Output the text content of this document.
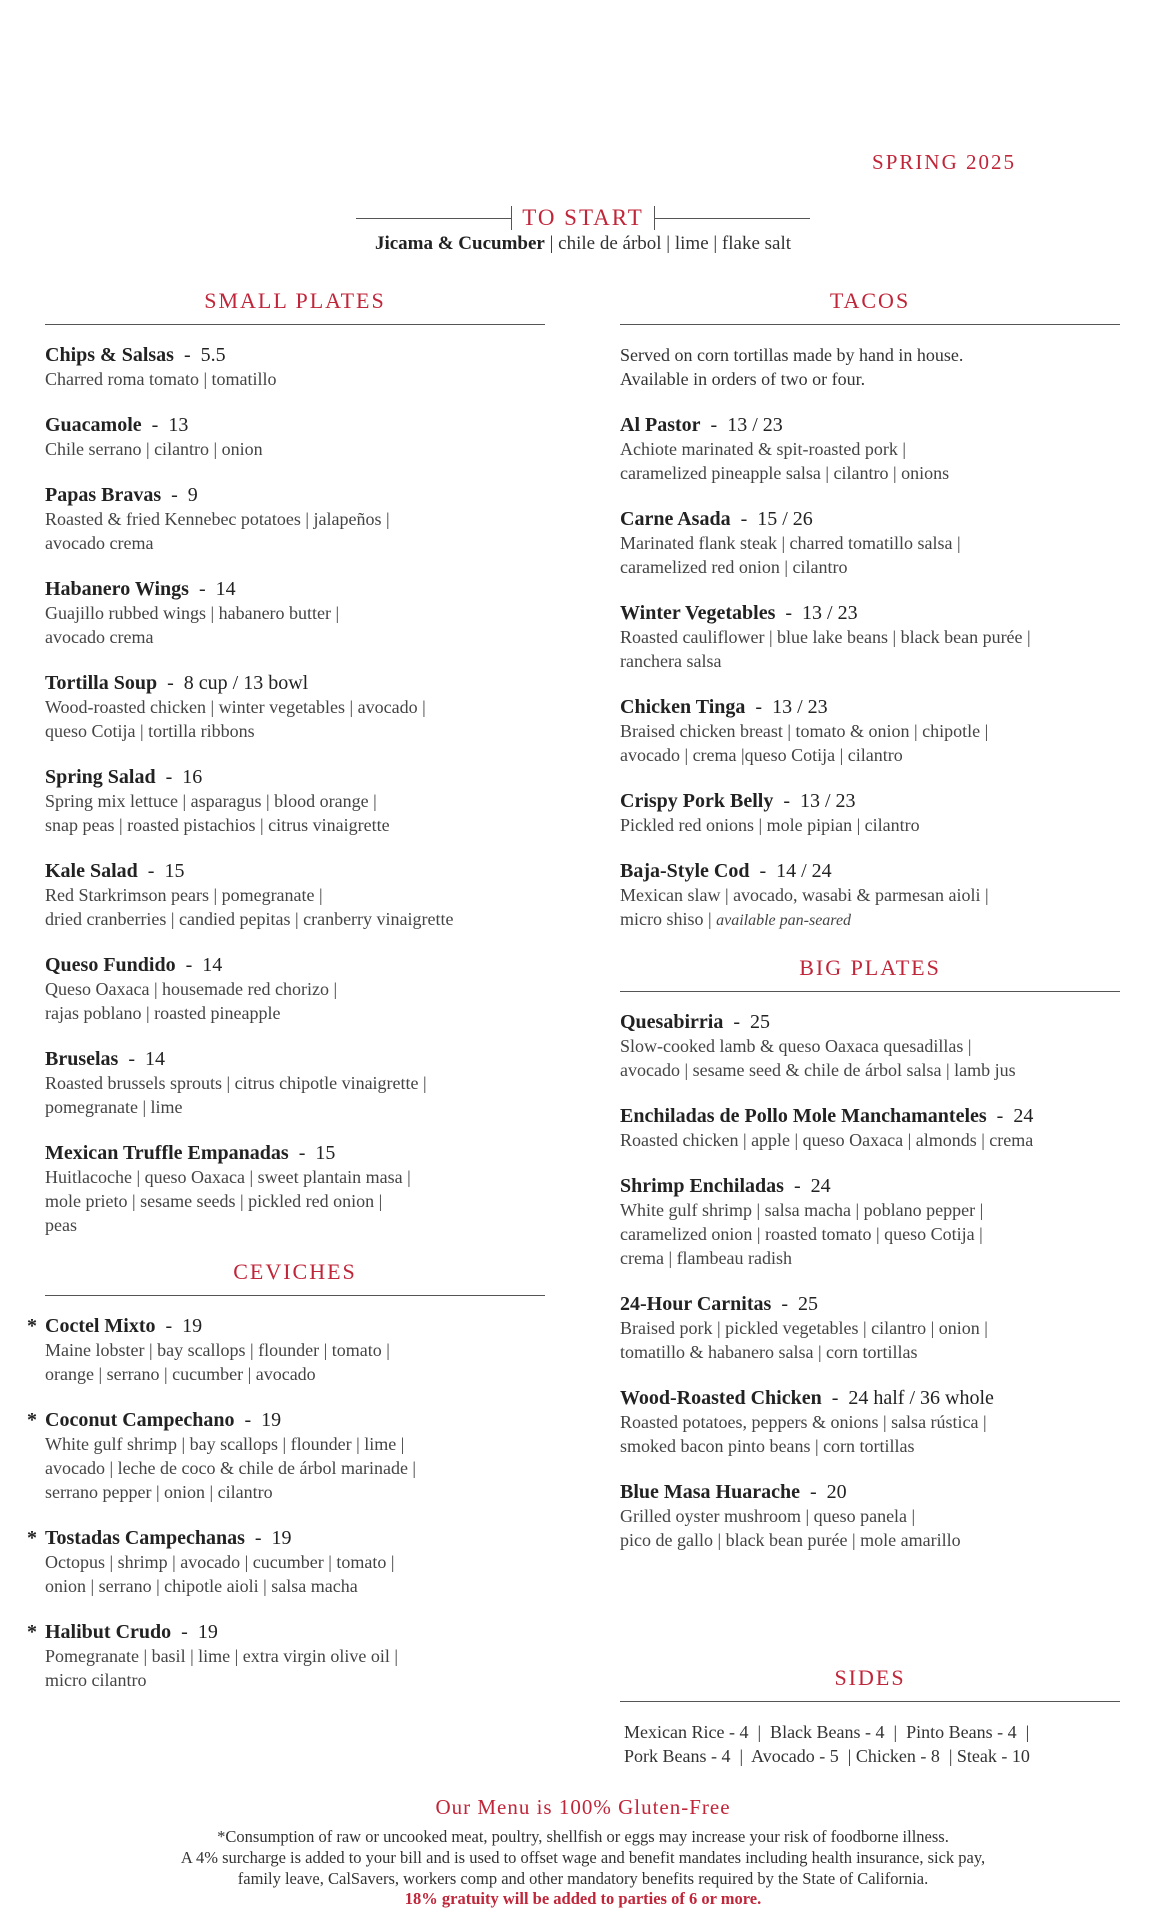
SPRING 2025
TO START
Jicama & Cucumber | chile de árbol | lime | flake salt
SMALL PLATES
Chips & Salsas  -  5.5
Charred roma tomato | tomatillo
Guacamole  -  13
Chile serrano | cilantro | onion
Papas Bravas  -  9
Roasted & fried Kennebec potatoes | jalapeños |
avocado crema
Habanero Wings  -  14
Guajillo rubbed wings | habanero butter |
avocado crema
Tortilla Soup  -  8 cup / 13 bowl
Wood-roasted chicken | winter vegetables | avocado |
queso Cotija | tortilla ribbons
Spring Salad  -  16
Spring mix lettuce | asparagus | blood orange |
snap peas | roasted pistachios | citrus vinaigrette
Kale Salad  -  15
Red Starkrimson pears | pomegranate |
dried cranberries | candied pepitas | cranberry vinaigrette
Queso Fundido  -  14
Queso Oaxaca | housemade red chorizo |
rajas poblano | roasted pineapple
Bruselas  -  14
Roasted brussels sprouts | citrus chipotle vinaigrette |
pomegranate | lime
Mexican Truffle Empanadas  -  15
Huitlacoche | queso Oaxaca | sweet plantain masa |
mole prieto | sesame seeds | pickled red onion |
peas
CEVICHES
* Coctel Mixto  -  19
Maine lobster | bay scallops | flounder | tomato |
orange | serrano | cucumber | avocado
* Coconut Campechano  -  19
White gulf shrimp | bay scallops | flounder | lime |
avocado | leche de coco & chile de árbol marinade |
serrano pepper | onion | cilantro
* Tostadas Campechanas  -  19
Octopus | shrimp | avocado | cucumber | tomato |
onion | serrano | chipotle aioli | salsa macha
* Halibut Crudo  -  19
Pomegranate | basil | lime | extra virgin olive oil |
micro cilantro
TACOS
Served on corn tortillas made by hand in house.
Available in orders of two or four.
Al Pastor  -  13 / 23
Achiote marinated & spit-roasted pork |
caramelized pineapple salsa | cilantro | onions
Carne Asada  -  15 / 26
Marinated flank steak | charred tomatillo salsa |
caramelized red onion | cilantro
Winter Vegetables  -  13 / 23
Roasted cauliflower | blue lake beans | black bean purée |
ranchera salsa
Chicken Tinga  -  13 / 23
Braised chicken breast | tomato & onion | chipotle |
avocado | crema |queso Cotija | cilantro
Crispy Pork Belly  -  13 / 23
Pickled red onions | mole pipian | cilantro
Baja-Style Cod  -  14 / 24
Mexican slaw | avocado, wasabi & parmesan aioli |
micro shiso | available pan-seared
BIG PLATES
Quesabirria  -  25
Slow-cooked lamb & queso Oaxaca quesadillas |
avocado | sesame seed & chile de árbol salsa | lamb jus
Enchiladas de Pollo Mole Manchamanteles  -  24
Roasted chicken | apple | queso Oaxaca | almonds | crema
Shrimp Enchiladas  -  24
White gulf shrimp | salsa macha | poblano pepper |
caramelized onion | roasted tomato | queso Cotija |
crema | flambeau radish
24-Hour Carnitas  -  25
Braised pork | pickled vegetables | cilantro | onion |
tomatillo & habanero salsa | corn tortillas
Wood-Roasted Chicken  -  24 half / 36 whole
Roasted potatoes, peppers & onions | salsa rústica |
smoked bacon pinto beans | corn tortillas
Blue Masa Huarache  -  20
Grilled oyster mushroom | queso panela |
pico de gallo | black bean purée | mole amarillo
SIDES
Mexican Rice - 4  |  Black Beans - 4  |  Pinto Beans - 4  |
Pork Beans - 4  |  Avocado - 5  | Chicken - 8  | Steak - 10
Our Menu is 100% Gluten-Free
*Consumption of raw or uncooked meat, poultry, shellfish or eggs may increase your risk of foodborne illness.
A 4% surcharge is added to your bill and is used to offset wage and benefit mandates including health insurance, sick pay,
family leave, CalSavers, workers comp and other mandatory benefits required by the State of California.
18% gratuity will be added to parties of 6 or more.
